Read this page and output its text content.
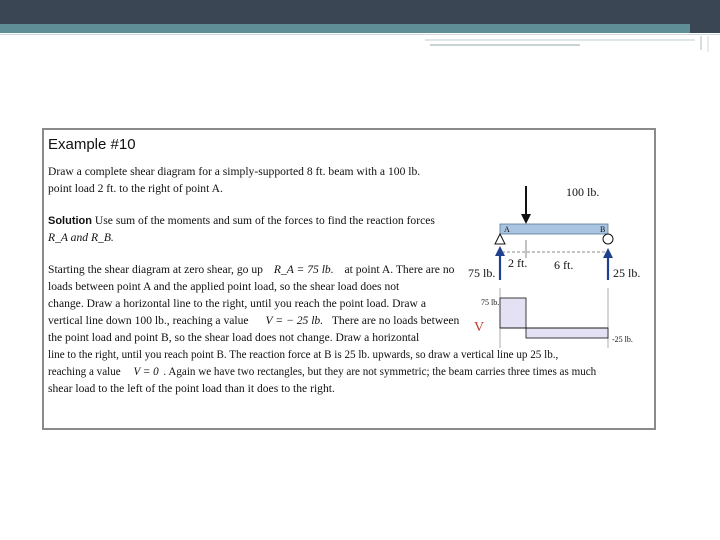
Example #10
Draw a complete shear diagram for a simply-supported 8 ft. beam with a 100 lb.
point load 2 ft. to the right of point A.
Solution Use sum of the moments and sum of the forces to find the reaction forces
R_A and R_B.
Starting the shear diagram at zero shear, go up R_A = 75 lb. at point A. There are no
loads between point A and the applied point load, so the shear load does not
change. Draw a horizontal line to the right, until you reach the point load. Draw a
vertical line down 100 lb., reaching a value V = − 25 lb. There are no loads between
the point load and point B, so the shear load does not change. Draw a horizontal
line to the right, until you reach point B. The reaction force at B is 25 lb. upwards, so draw a vertical line up 25 lb.,
reaching a value V = 0 . Again we have two rectangles, but they are not symmetric; the beam carries three times as much
shear load to the left of the point load than it does to the right.
100 lb.
A	B
2 ft. 6 ft.
75 lb.	25 lb.
75 lb.
-25 lb.
V
